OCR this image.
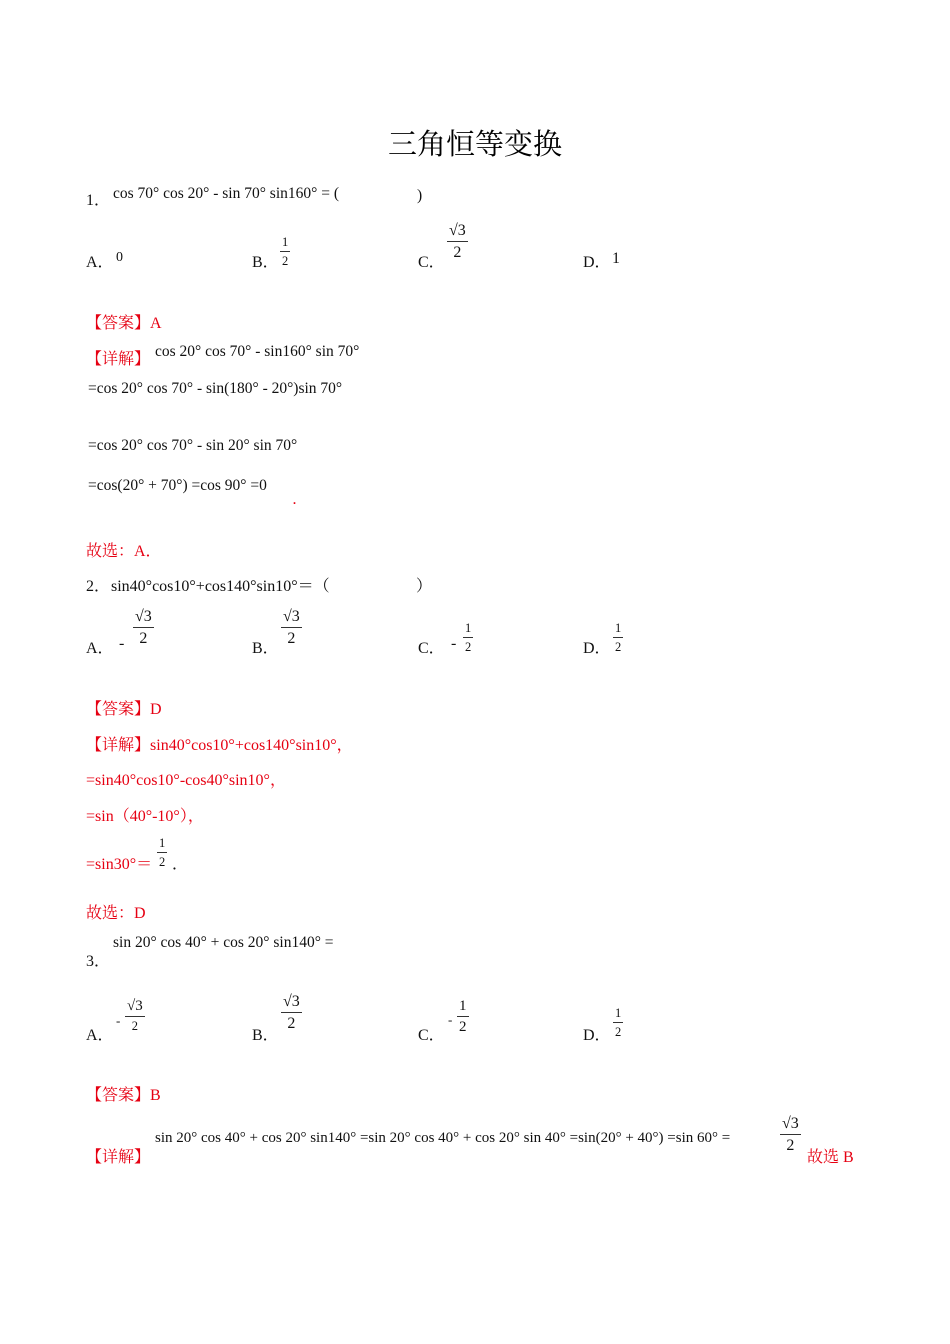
三角恒等变换
1． cos 70° cos 20° - sin 70° sin160° = (	)
A． 0	B． $\frac{1}{2}$	C．
$\frac{√3}{2}$
D． 1
【答案】A
【详解】 cos 20° cos 70° - sin160° sin 70°
=cos 20° cos 70° - sin(180° - 20°)sin 70°
=cos 20° cos 70° - sin 20° sin 70°
=cos(20° + 70°) =cos 90° =0
.
故选：A．
2． sin40°cos10°+cos140°sin10°＝（	）
A． - $\frac{√3}{2}$
B．
$\frac{√3}{2}$
C． - $\frac{1}{2}$	D． $\frac{1}{2}$
【答案】D
【详解】sin40°cos10°+cos140°sin10°，
=sin40°cos10°-cos40°sin10°，
=sin（40°-10°），
$=\sin 30^\circ= \frac{1}{2}$ ．
故选：D
sin 20° cos 40° + cos 20° sin140° =
3．
A．
- $\frac{√3}{2}$
B．
$\frac{√3}{2}$
C．
- $\frac{1}{2}$
D． $\frac{1}{2}$
【答案】B
【详解】
sin 20° cos 40° + cos 20° sin140° =sin 20° cos 40° + cos 20° sin 40° =sin(20° + 40°) =sin 60° =	$\frac{√3}{2}$
故选 B
